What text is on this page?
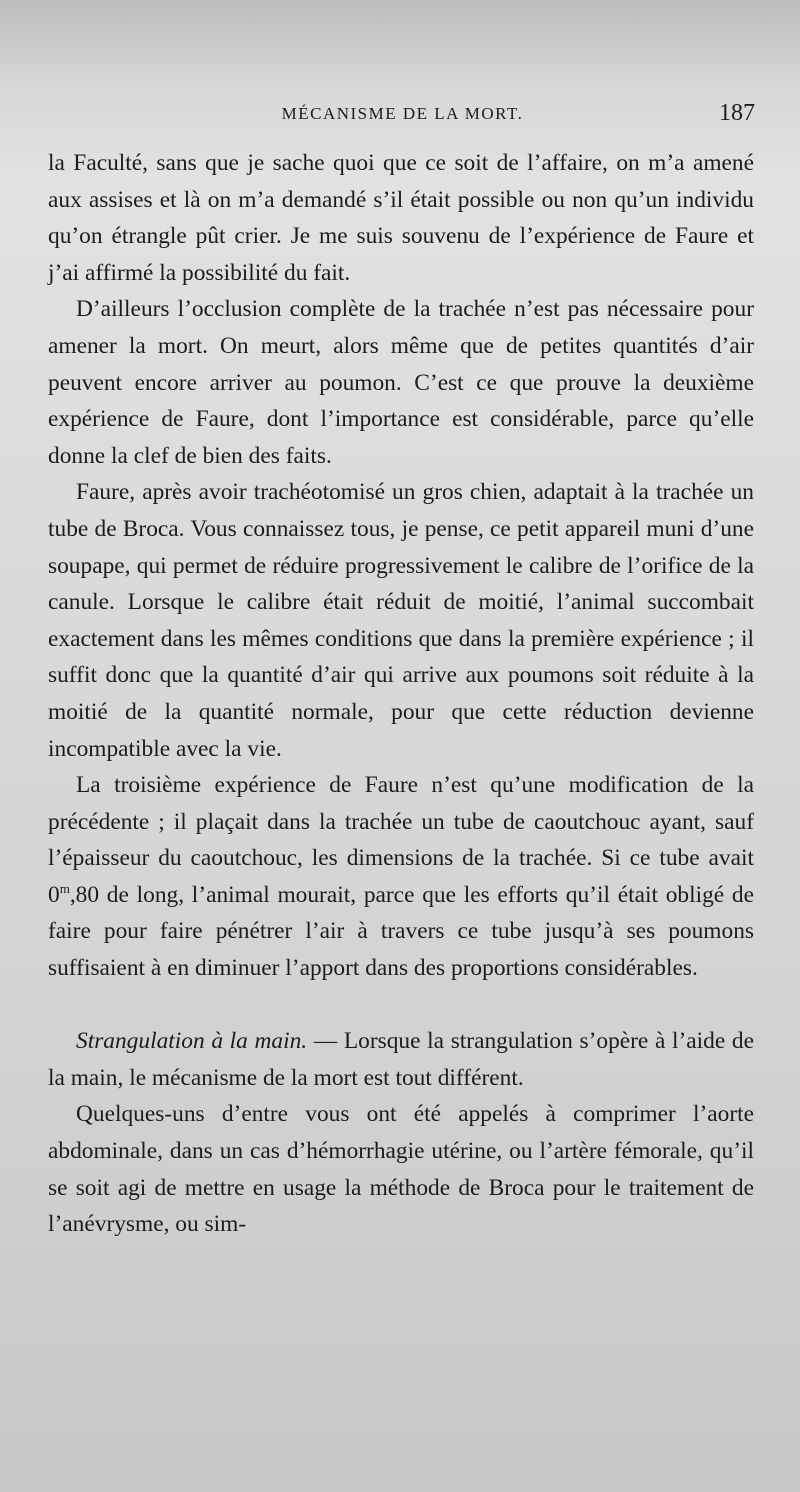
MÉCANISME DE LA MORT.	187

la Faculté, sans que je sache quoi que ce soit de l’affaire, on m’a amené aux assises et là on m’a demandé s’il était possible ou non qu’un individu qu’on étrangle pût crier. Je me suis souvenu de l’expérience de Faure et j’ai affirmé la possibilité du fait.

D’ailleurs l’occlusion complète de la trachée n’est pas nécessaire pour amener la mort. On meurt, alors même que de petites quantités d’air peuvent encore arriver au poumon. C’est ce que prouve la deuxième expérience de Faure, dont l’importance est considérable, parce qu’elle donne la clef de bien des faits.

Faure, après avoir trachéotomisé un gros chien, adaptait à la trachée un tube de Broca. Vous connaissez tous, je pense, ce petit appareil muni d’une soupape, qui permet de réduire progressivement le calibre de l’orifice de la canule. Lorsque le calibre était réduit de moitié, l’animal succombait exactement dans les mêmes conditions que dans la première expérience ; il suffit donc que la quantité d’air qui arrive aux poumons soit réduite à la moitié de la quantité normale, pour que cette réduction devienne incompatible avec la vie.

La troisième expérience de Faure n’est qu’une modification de la précédente ; il plaçait dans la trachée un tube de caoutchouc ayant, sauf l’épaisseur du caoutchouc, les dimensions de la trachée. Si ce tube avait 0$^m$,80 de long, l’animal mourait, parce que les efforts qu’il était obligé de faire pour faire pénétrer l’air à travers ce tube jusqu’à ses poumons suffisaient à en diminuer l’apport dans des proportions considérables.

Strangulation à la main. — Lorsque la strangulation s’opère à l’aide de la main, le mécanisme de la mort est tout différent.

Quelques-uns d’entre vous ont été appelés à comprimer l’aorte abdominale, dans un cas d’hémorrhagie utérine, ou l’artère fémorale, qu’il se soit agi de mettre en usage la méthode de Broca pour le traitement de l’anévrysme, ou sim-
